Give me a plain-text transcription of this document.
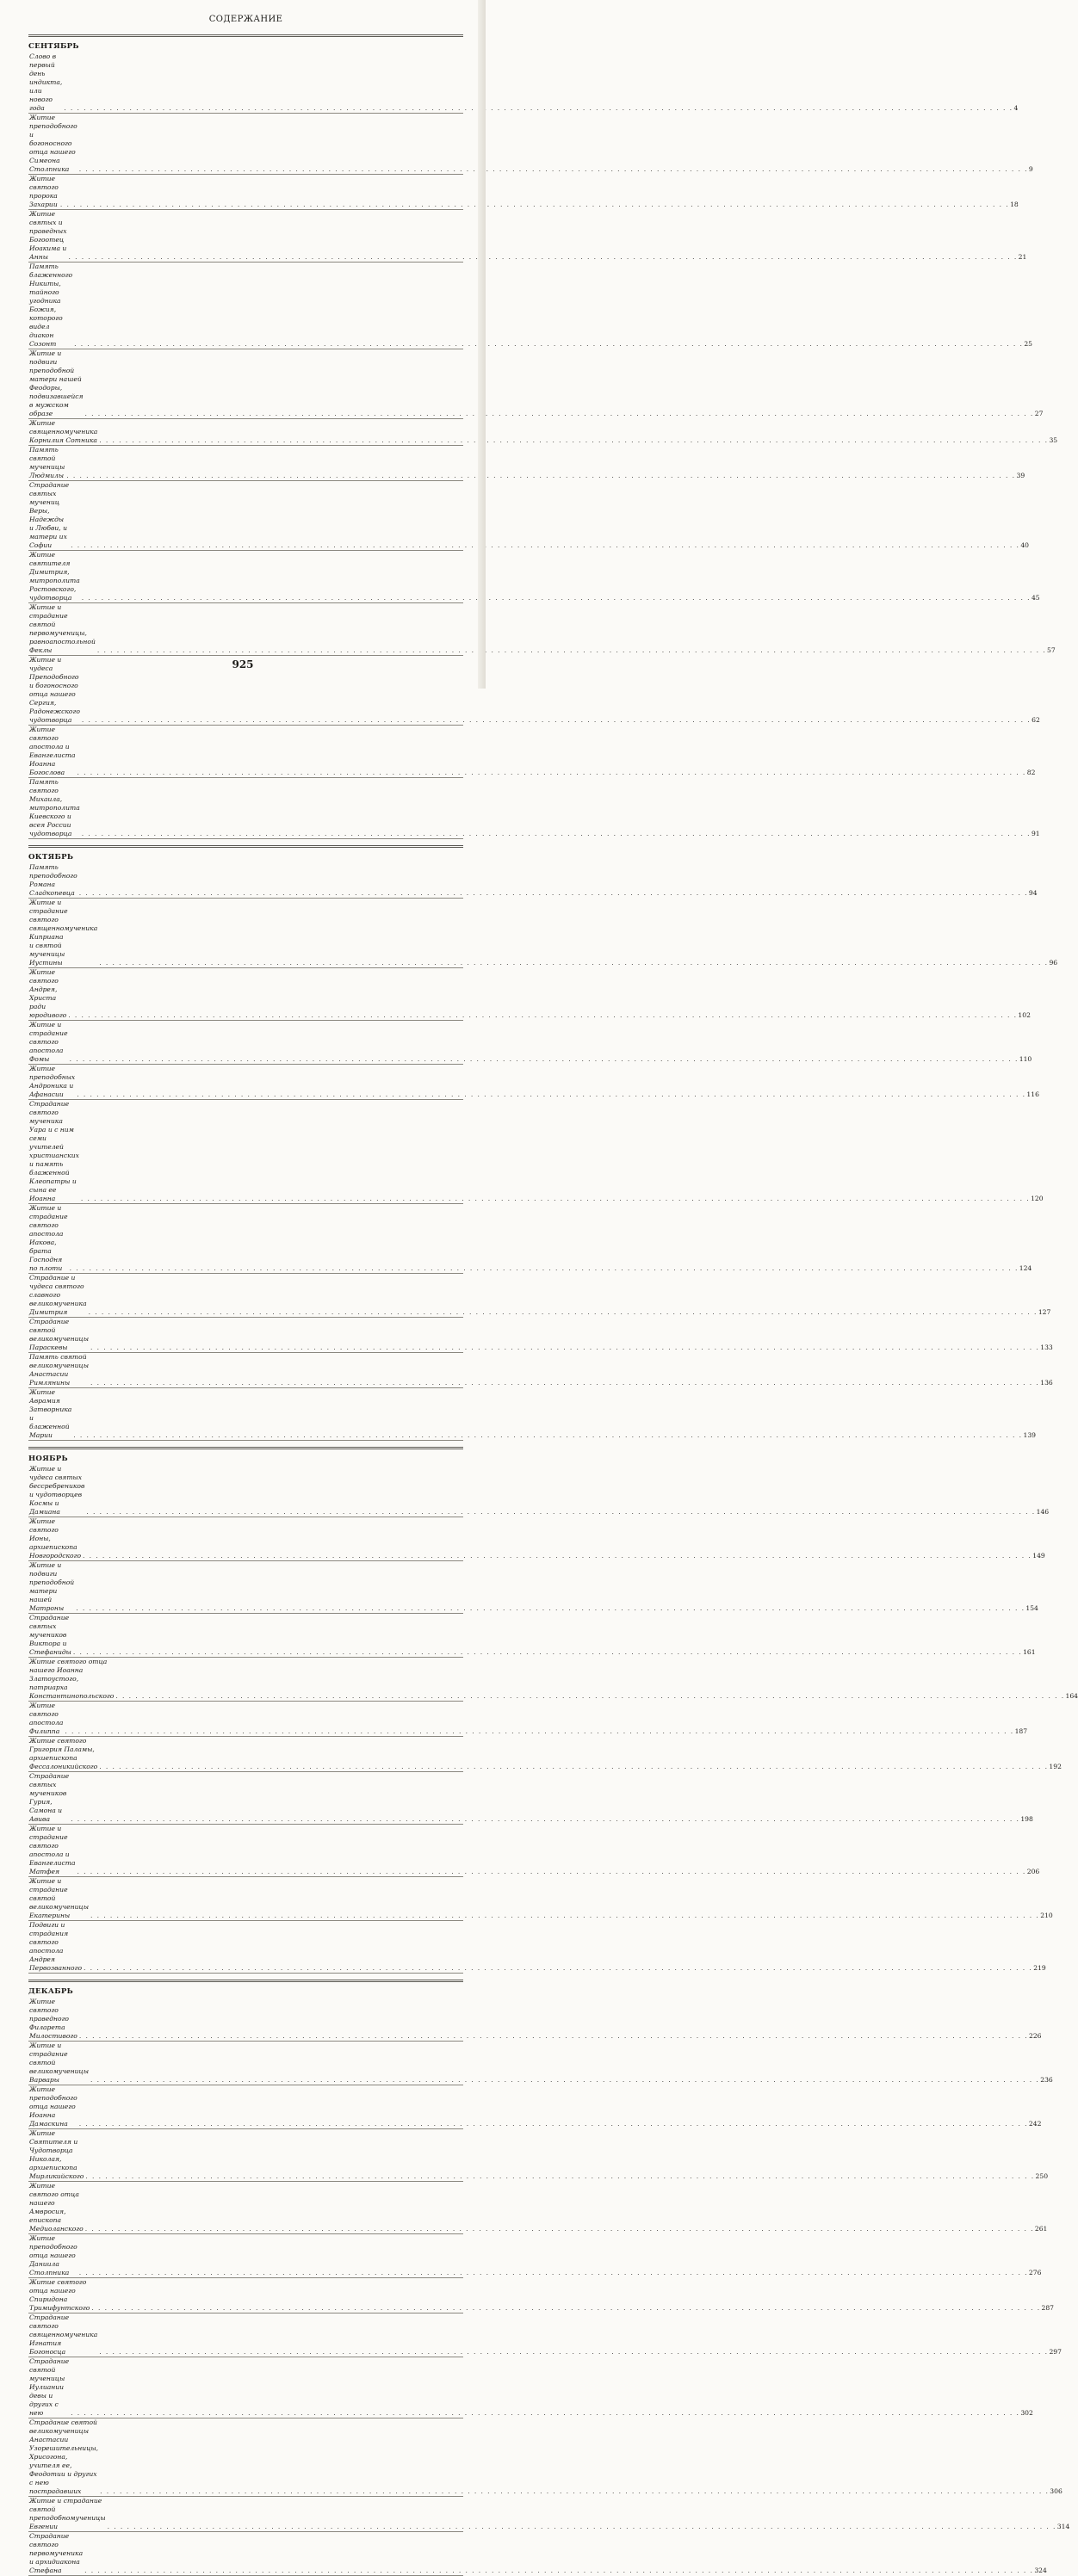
СОДЕРЖАНИЕ
СЕНТЯБРЬ
Слово в первый день индикта, или нового года . . .	4
Житие преподобного и богоносного отца нашего Симеона Столпника . . .	9
Житие святого пророка Захарии . . .	18
Житие святых и праведных Богоотец Иоакима и Анны . . .	21
Память блаженного Никиты, тайного угодника Божия,
которого видел диакон Созонт . . .	25
Житие и подвиги преподобной матери нашей Феодоры,
подвизавшейся в мужском образе . . .	27
Житие священномученика Корнилия Сотника . . .	35
Память святой мученицы Людмилы . . .	39
Страдание святых мучениц Веры, Надежды и Любви, и матери их Софии . . .	40
Житие святителя Димитрия, митрополита Ростовского, чудотворца . . .	45
Житие и страдание святой первомученицы, равноапостольной Феклы . . .	57
Житие и чудеса Преподобного и богоносного отца нашего Сергия,
Радонежского чудотворца . . .	62
Житие святого апостола и Евангелиста Иоанна Богослова . . .	82
Память святого Михаила, митрополита Киевского и всея России чудотворца . . .	91
ОКТЯБРЬ
Память преподобного Романа Сладкопевца . . .	94
Житие и страдание святого священномученика Киприана
и святой мученицы Иустины . . .	96
Житие святого Андрея, Христа ради юродивого . . .	102
Житие и страдание святого апостола Фомы . . .	110
Житие преподобных Андроника и Афанасии . . .	116
Страдание святого мученика Уара и с ним семи учителей христианских
и память блаженной Клеопатры и сына ее Иоанна . . .	120
Житие и страдание святого апостола Иакова, брата Господня по плоти . . .	124
Страдание и чудеса святого славного великомученика Димитрия . . .	127
Страдание святой великомученицы Параскевы . . .	133
Память святой великомученицы Анастасии Римлянины . . .	136
Житие Аврамия Затворника и блаженной Марии . . .	139
НОЯБРЬ
Житие и чудеса святых бессребреников и чудотворцев Космы и Дамиана . . .	146
Житие святого Ионы, архиепископа Новгородского . . .	149
Житие и подвиги преподобной матери нашей Матроны . . .	154
Страдание святых мучеников Виктора и Стефаниды . . .	161
Житие святого отца нашего Иоанна Златоустого,
патриарха Константинопольского . . .	164
Житие святого апостола Филиппа . . .	187
Житие святого Григория Паламы, архиепископа Фессалоникийского . . .	192
Страдание святых мучеников Гурия, Самона и Авива . . .	198
Житие и страдание святого апостола и Евангелиста Матфея . . .	206
Житие и страдание святой великомученицы Екатерины . . .	210
Подвиги и страдания святого апостола Андрея Первозванного . . .	219
ДЕКАБРЬ
Житие святого праведного Филарета Милостивого . . .	226
Житие и страдание святой великомученицы Варвары . . .	236
Житие преподобного отца нашего Иоанна Дамаскина . . .	242
Житие Святителя и Чудотворца Николая, архиепископа Мирликийского . . .	250
Житие святого отца нашего Амвросия, епископа Медиоланского . . .	261
Житие преподобного отца нашего Даниила Столпника . . .	276
Житие святого отца нашего Спиридона Тримифунтского . . .	287
Страдание святого священномученика Игнатия Богоносца . . .	297
Страдание святой мученицы Иулиании девы и других с нею . . .	302
Страдание святой великомученицы Анастасии Узорешительницы,
Хрисогона, учителя ее, Феодотии и других с нею пострадавших . . .	306
Житие и страдание святой преподобномученицы Евгении . . .	314
Страдание святого первомученика и архидиакона Стефана . . .	324
925
